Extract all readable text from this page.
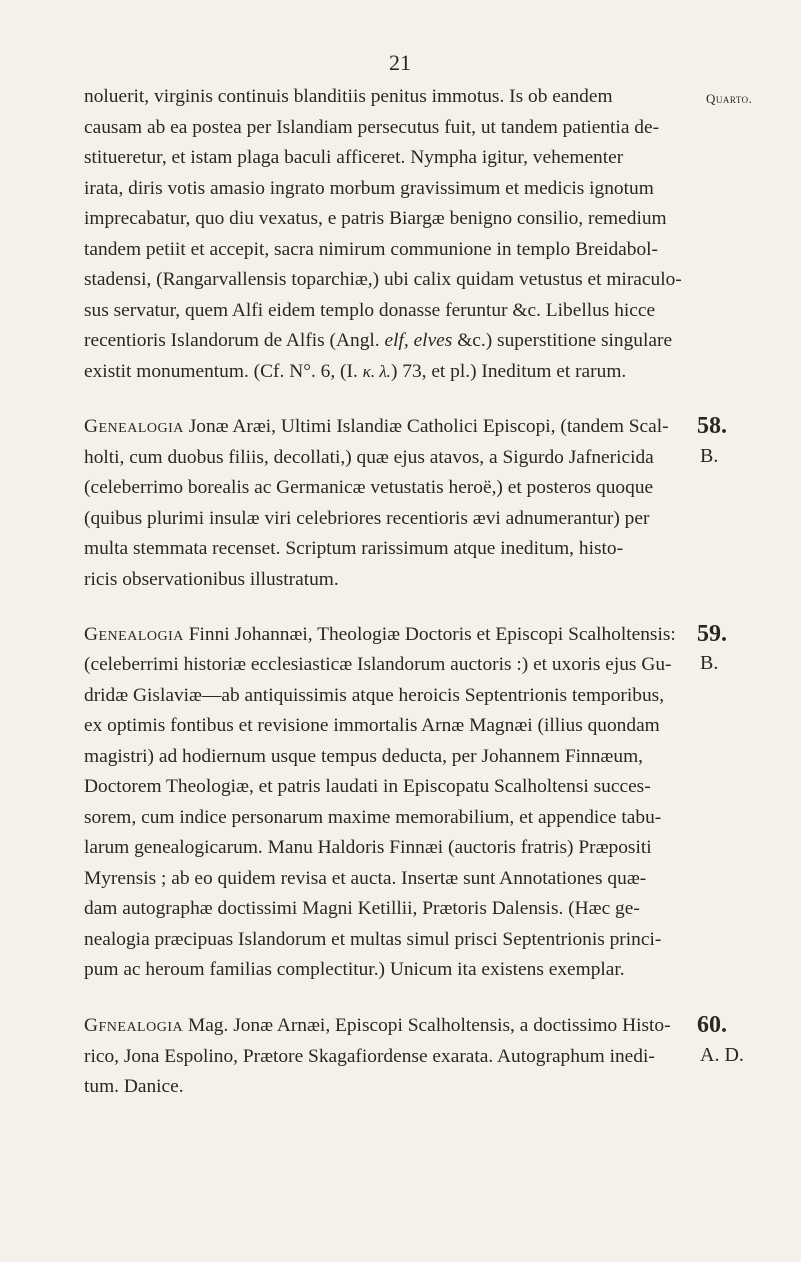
21
Quarto.
noluerit, virginis continuis blanditiis penitus immotus. Is ob eandem
causam ab ea postea per Islandiam persecutus fuit, ut tandem patientia de-
stitueretur, et istam plaga baculi afficeret. Nympha igitur, vehementer
irata, diris votis amasio ingrato morbum gravissimum et medicis ignotum
imprecabatur, quo diu vexatus, e patris Biargæ benigno consilio, remedium
tandem petiit et accepit, sacra nimirum communione in templo Breidabol-
stadensi, (Rangarvallensis toparchiæ,) ubi calix quidam vetustus et miraculo-
sus servatur, quem Alfi eidem templo donasse feruntur &c. Libellus hicce
recentioris Islandorum de Alfis (Angl. elf, elves &c.) superstitione singulare
existit monumentum. (Cf. N°. 6, (I. κ. λ.) 73, et pl.) Ineditum et rarum.
Genealogia Jonæ Aræi, Ultimi Islandiæ Catholici Episcopi, (tandem Scal-
holti, cum duobus filiis, decollati,) quæ ejus atavos, a Sigurdo Jafnericida
(celeberrimo borealis ac Germanicæ vetustatis heroë,) et posteros quoque
(quibus plurimi insulæ viri celebriores recentioris ævi adnumerantur) per
multa stemmata recenset. Scriptum rarissimum atque ineditum, histo-
ricis observationibus illustratum.
58.
B.
Genealogia Finni Johannæi, Theologiæ Doctoris et Episcopi Scalholtensis:
(celeberrimi historiæ ecclesiasticæ Islandorum auctoris :) et uxoris ejus Gu-
dridæ Gislaviæ—ab antiquissimis atque heroicis Septentrionis temporibus,
ex optimis fontibus et revisione immortalis Arnæ Magnæi (illius quondam
magistri) ad hodiernum usque tempus deducta, per Johannem Finnæum,
Doctorem Theologiæ, et patris laudati in Episcopatu Scalholtensi succes-
sorem, cum indice personarum maxime memorabilium, et appendice tabu-
larum genealogicarum. Manu Haldoris Finnæi (auctoris fratris) Præpositi
Myrensis ; ab eo quidem revisa et aucta. Insertæ sunt Annotationes quæ-
dam autographæ doctissimi Magni Ketillii, Prætoris Dalensis. (Hæc ge-
nealogia præcipuas Islandorum et multas simul prisci Septentrionis princi-
pum ac heroum familias complectitur.) Unicum ita existens exemplar.
59.
B.
Gfnealogia Mag. Jonæ Arnæi, Episcopi Scalholtensis, a doctissimo Histo-
rico, Jona Espolino, Prætore Skagafiordense exarata. Autographum inedi-
tum. Danice.
60.
A. D.
